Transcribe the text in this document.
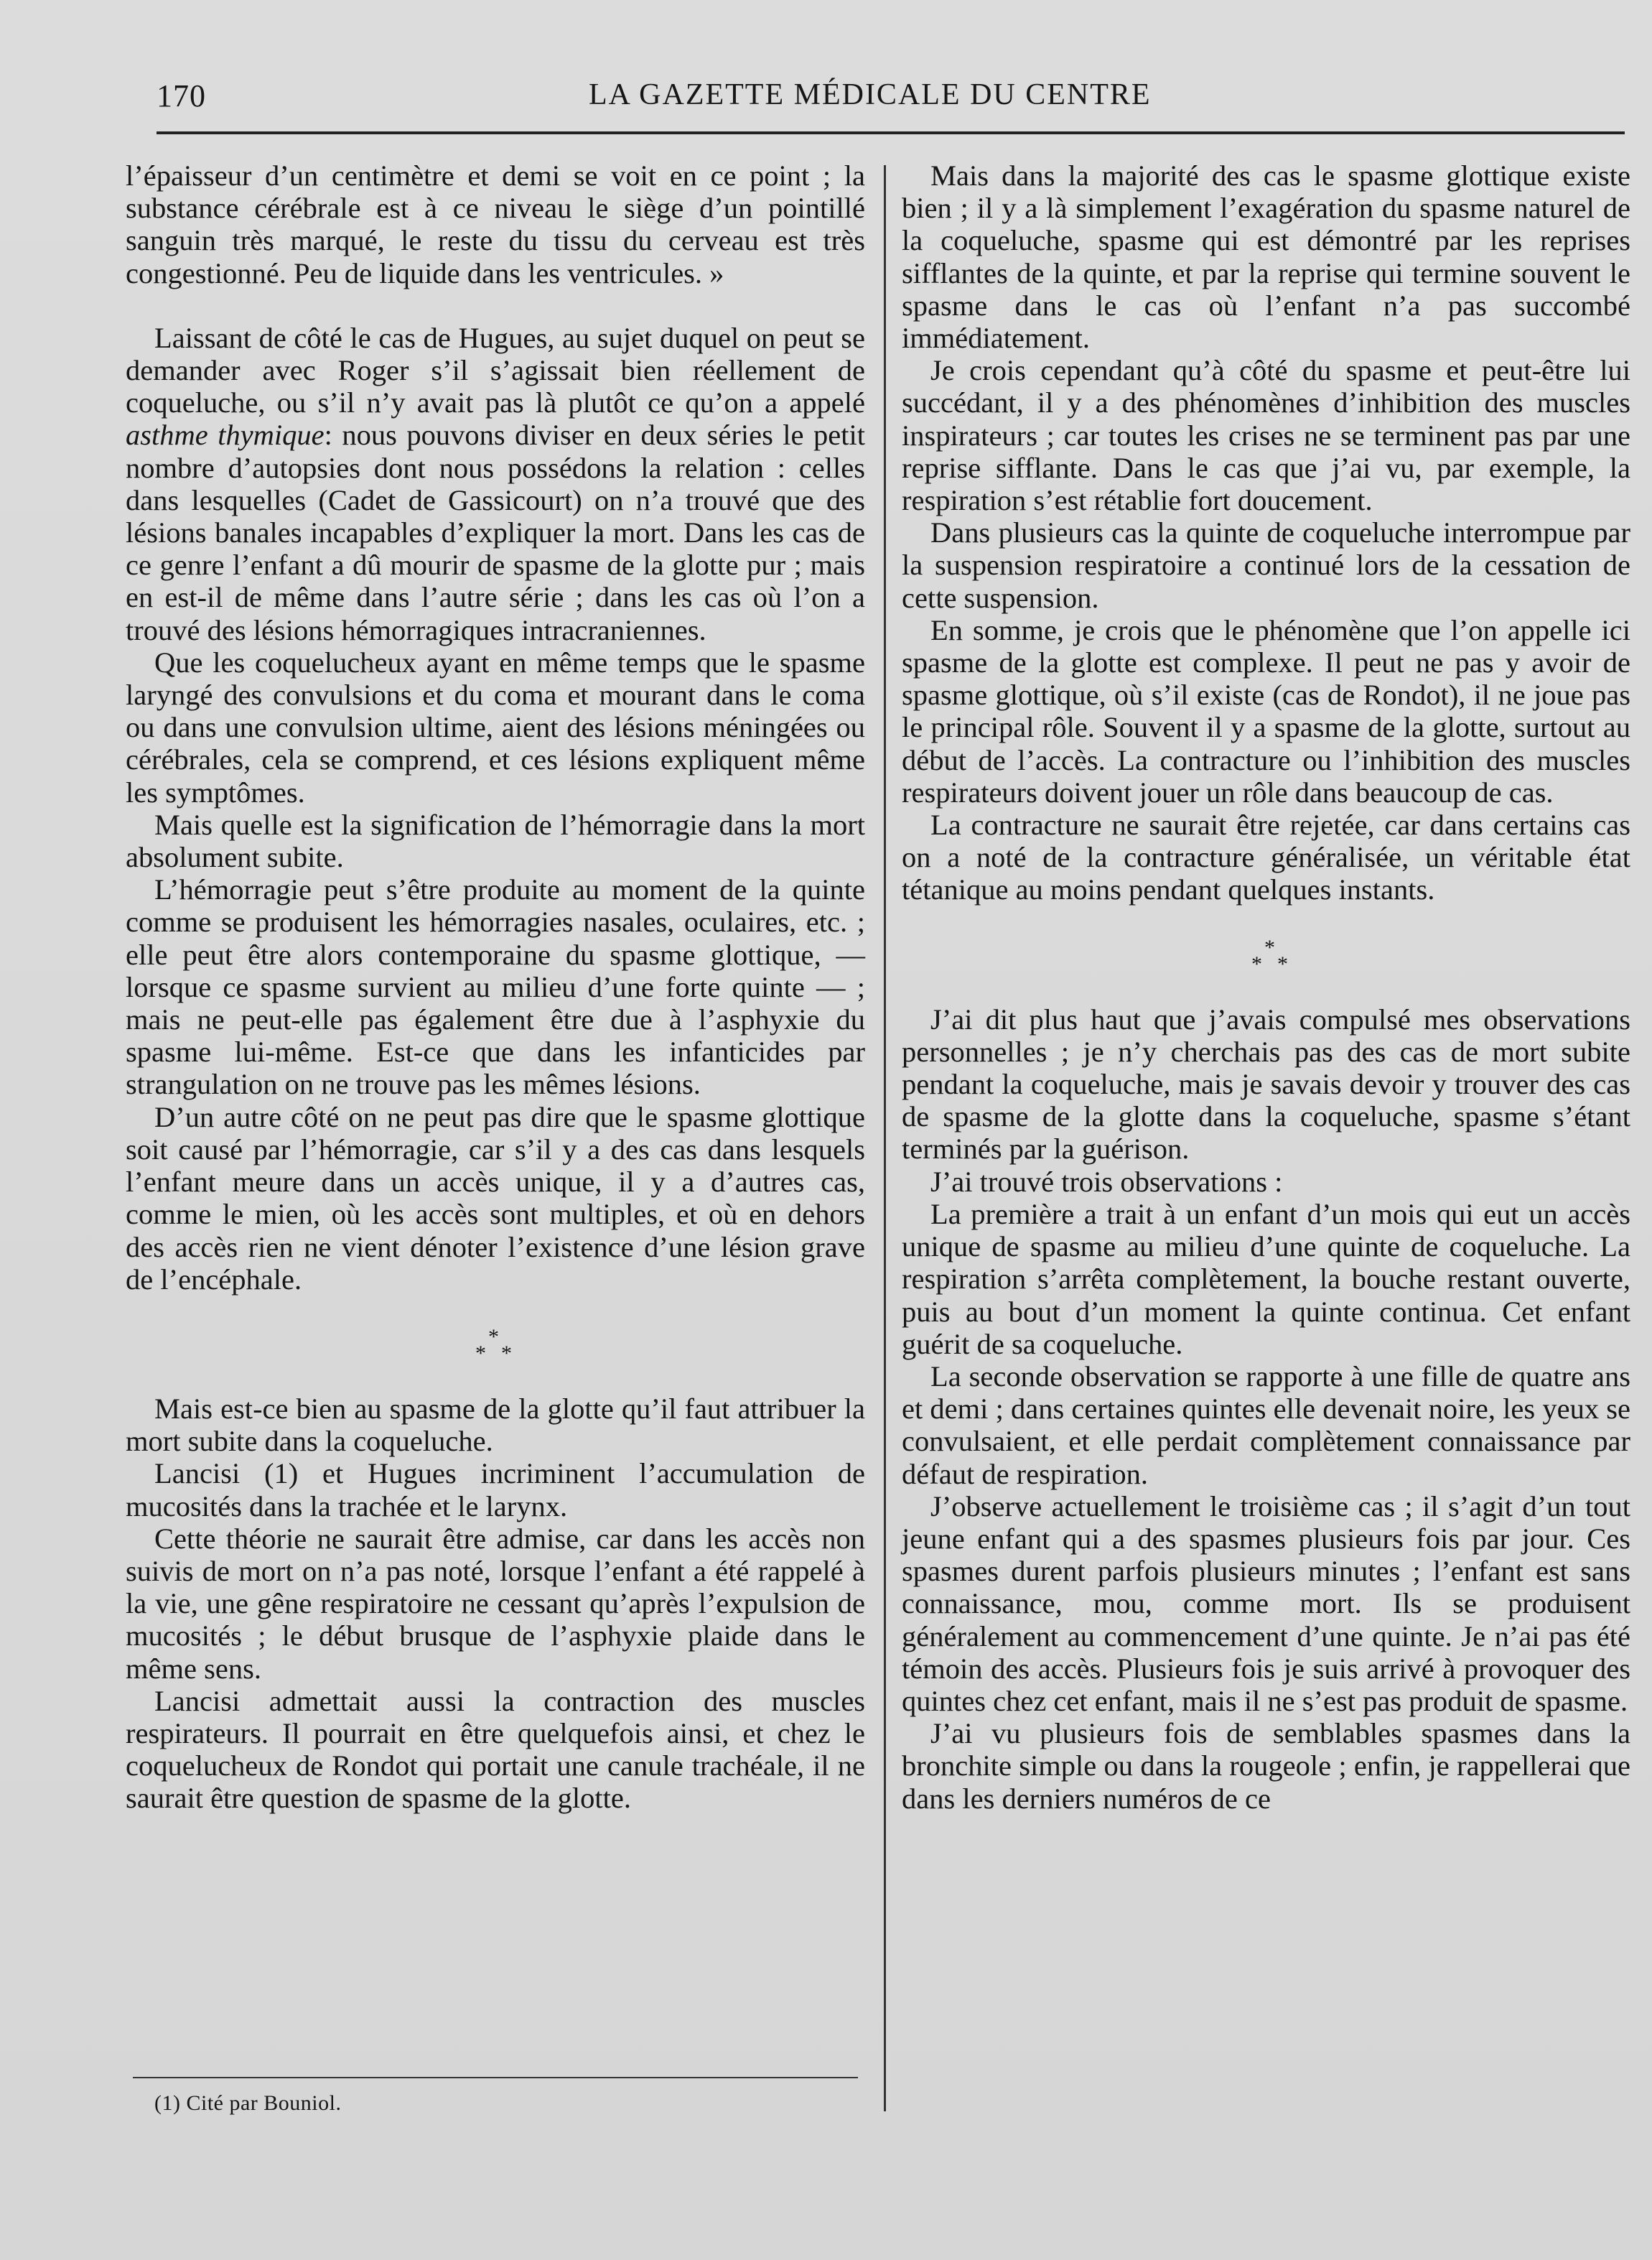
170	LA GAZETTE MÉDICALE DU CENTRE

l’épaisseur d’un centimètre et demi se voit en ce point ; la substance cérébrale est à ce niveau le siège d’un pointillé sanguin très marqué, le reste du tissu du cerveau est très congestionné. Peu de liquide dans les ventricules. »

Laissant de côté le cas de Hugues, au sujet duquel on peut se demander avec Roger s’il s’agissait bien réellement de coqueluche, ou s’il n’y avait pas là plutôt ce qu’on a appelé asthme thymique: nous pouvons diviser en deux séries le petit nombre d’autopsies dont nous possédons la relation : celles dans lesquelles (Cadet de Gassicourt) on n’a trouvé que des lésions banales incapables d’expliquer la mort. Dans les cas de ce genre l’enfant a dû mourir de spasme de la glotte pur ; mais en est-il de même dans l’autre série ; dans les cas où l’on a trouvé des lésions hémorragiques intracraniennes.

Que les coquelucheux ayant en même temps que le spasme laryngé des convulsions et du coma et mourant dans le coma ou dans une convulsion ultime, aient des lésions méningées ou cérébrales, cela se comprend, et ces lésions expliquent même les symptômes.

Mais quelle est la signification de l’hémorragie dans la mort absolument subite.

L’hémorragie peut s’être produite au moment de la quinte comme se produisent les hémorragies nasales, oculaires, etc. ; elle peut être alors contemporaine du spasme glottique, — lorsque ce spasme survient au milieu d’une forte quinte — ; mais ne peut-elle pas également être due à l’asphyxie du spasme lui-même. Est-ce que dans les infanticides par strangulation on ne trouve pas les mêmes lésions.

D’un autre côté on ne peut pas dire que le spasme glottique soit causé par l’hémorragie, car s’il y a des cas dans lesquels l’enfant meure dans un accès unique, il y a d’autres cas, comme le mien, où les accès sont multiples, et où en dehors des accès rien ne vient dénoter l’existence d’une lésion grave de l’encéphale.

*
* *

Mais est-ce bien au spasme de la glotte qu’il faut attribuer la mort subite dans la coqueluche.

Lancisi (1) et Hugues incriminent l’accumulation de mucosités dans la trachée et le larynx.

Cette théorie ne saurait être admise, car dans les accès non suivis de mort on n’a pas noté, lorsque l’enfant a été rappelé à la vie, une gêne respiratoire ne cessant qu’après l’expulsion de mucosités ; le début brusque de l’asphyxie plaide dans le même sens.

Lancisi admettait aussi la contraction des muscles respirateurs. Il pourrait en être quelquefois ainsi, et chez le coquelucheux de Rondot qui portait une canule trachéale, il ne saurait être question de spasme de la glotte.

Mais dans la majorité des cas le spasme glottique existe bien ; il y a là simplement l’exagération du spasme naturel de la coqueluche, spasme qui est démontré par les reprises sifflantes de la quinte, et par la reprise qui termine souvent le spasme dans le cas où l’enfant n’a pas succombé immédiatement.

Je crois cependant qu’à côté du spasme et peut-être lui succédant, il y a des phénomènes d’inhibition des muscles inspirateurs ; car toutes les crises ne se terminent pas par une reprise sifflante. Dans le cas que j’ai vu, par exemple, la respiration s’est rétablie fort doucement.

Dans plusieurs cas la quinte de coqueluche interrompue par la suspension respiratoire a continué lors de la cessation de cette suspension.

En somme, je crois que le phénomène que l’on appelle ici spasme de la glotte est complexe. Il peut ne pas y avoir de spasme glottique, où s’il existe (cas de Rondot), il ne joue pas le principal rôle. Souvent il y a spasme de la glotte, surtout au début de l’accès. La contracture ou l’inhibition des muscles respirateurs doivent jouer un rôle dans beaucoup de cas.

La contracture ne saurait être rejetée, car dans certains cas on a noté de la contracture généralisée, un véritable état tétanique au moins pendant quelques instants.

*
* *

J’ai dit plus haut que j’avais compulsé mes observations personnelles ; je n’y cherchais pas des cas de mort subite pendant la coqueluche, mais je savais devoir y trouver des cas de spasme de la glotte dans la coqueluche, spasme s’étant terminés par la guérison.

J’ai trouvé trois observations :

La première a trait à un enfant d’un mois qui eut un accès unique de spasme au milieu d’une quinte de coqueluche. La respiration s’arrêta complètement, la bouche restant ouverte, puis au bout d’un moment la quinte continua. Cet enfant guérit de sa coqueluche.

La seconde observation se rapporte à une fille de quatre ans et demi ; dans certaines quintes elle devenait noire, les yeux se convulsaient, et elle perdait complètement connaissance par défaut de respiration.

J’observe actuellement le troisième cas ; il s’agit d’un tout jeune enfant qui a des spasmes plusieurs fois par jour. Ces spasmes durent parfois plusieurs minutes ; l’enfant est sans connaissance, mou, comme mort. Ils se produisent généralement au commencement d’une quinte. Je n’ai pas été témoin des accès. Plusieurs fois je suis arrivé à provoquer des quintes chez cet enfant, mais il ne s’est pas produit de spasme.

J’ai vu plusieurs fois de semblables spasmes dans la bronchite simple ou dans la rougeole ; enfin, je rappellerai que dans les derniers numéros de ce

(1) Cité par Bouniol.
